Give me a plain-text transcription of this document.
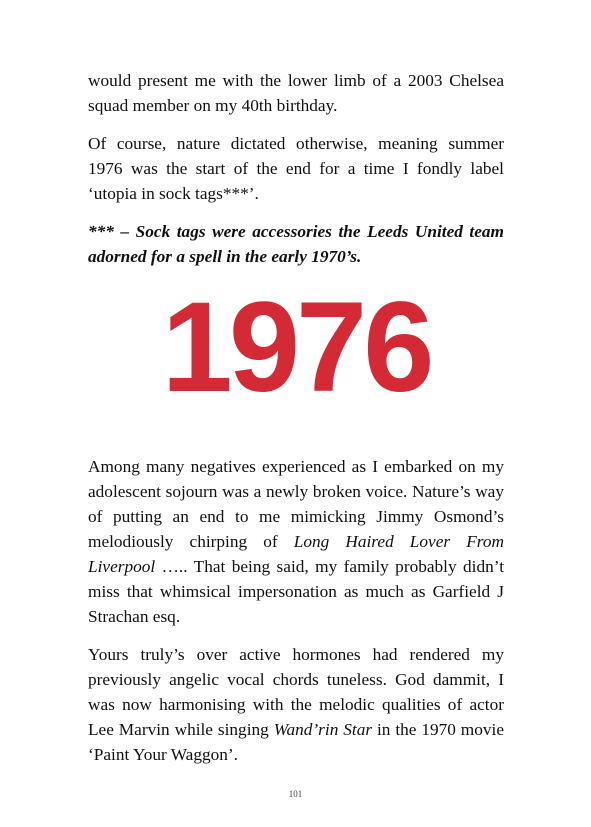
would present me with the lower limb of a 2003 Chelsea squad member on my 40th birthday.

Of course, nature dictated otherwise, meaning summer 1976 was the start of the end for a time I fondly label ‘utopia in sock tags***’.

*** – Sock tags were accessories the Leeds United team adorned for a spell in the early 1970’s.

1976

Among many negatives experienced as I embarked on my adolescent sojourn was a newly broken voice. Nature’s way of putting an end to me mimicking Jimmy Osmond’s melodiously chirping of Long Haired Lover From Liverpool ….. That being said, my family probably didn’t miss that whimsical impersonation as much as Garfield J Strachan esq.

Yours truly’s over active hormones had rendered my previously angelic vocal chords tuneless. God dammit, I was now harmonising with the melodic qualities of actor Lee Marvin while singing Wand’rin Star in the 1970 movie ‘Paint Your Waggon’.

101
